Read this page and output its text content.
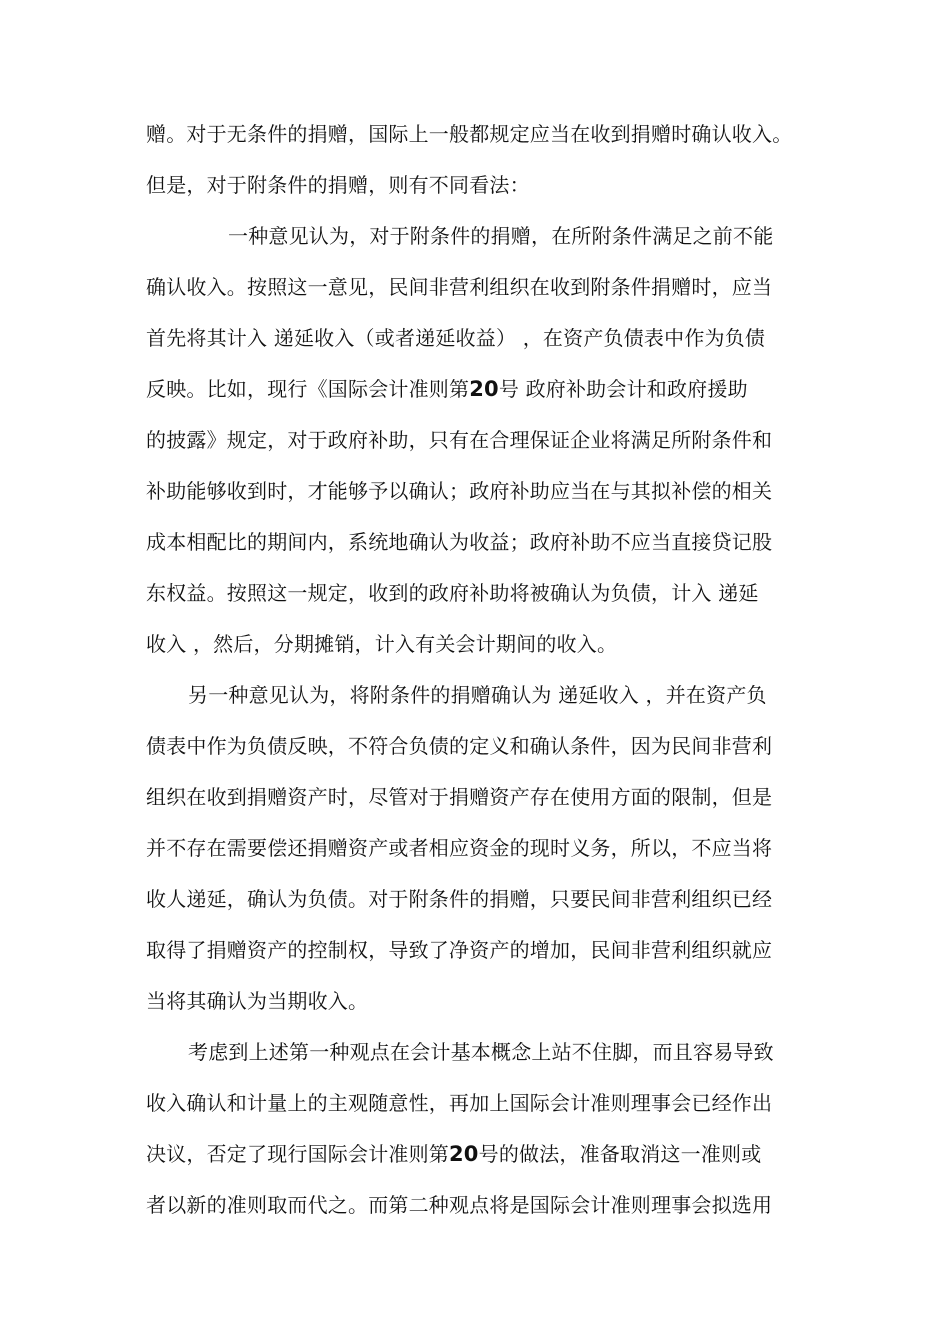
赠。对于无条件的捐赠，国际上一般都规定应当在收到捐赠时确认收入。
但是，对于附条件的捐赠，则有不同看法：
一种意见认为，对于附条件的捐赠，在所附条件满足之前不能
确认收入。按照这一意见，民间非营利组织在收到附条件捐赠时，应当
首先将其计入 递延收入（或者递延收益） ，在资产负债表中作为负债
反映。比如，现行《国际会计准则第20号 政府补助会计和政府援助
的披露》规定，对于政府补助，只有在合理保证企业将满足所附条件和
补助能够收到时，才能够予以确认；政府补助应当在与其拟补偿的相关
成本相配比的期间内，系统地确认为收益；政府补助不应当直接贷记股
东权益。按照这一规定，收到的政府补助将被确认为负债，计入 递延
收入 ，然后，分期摊销，计入有关会计期间的收入。
另一种意见认为，将附条件的捐赠确认为 递延收入 ，并在资产负
债表中作为负债反映，不符合负债的定义和确认条件，因为民间非营利
组织在收到捐赠资产时，尽管对于捐赠资产存在使用方面的限制，但是
并不存在需要偿还捐赠资产或者相应资金的现时义务，所以，不应当将
收人递延，确认为负债。对于附条件的捐赠，只要民间非营利组织已经
取得了捐赠资产的控制权，导致了净资产的增加，民间非营利组织就应
当将其确认为当期收入。
考虑到上述第一种观点在会计基本概念上站不住脚，而且容易导致
收入确认和计量上的主观随意性，再加上国际会计准则理事会已经作出
决议，否定了现行国际会计准则第20号的做法，准备取消这一准则或
者以新的准则取而代之。而第二种观点将是国际会计准则理事会拟选用
